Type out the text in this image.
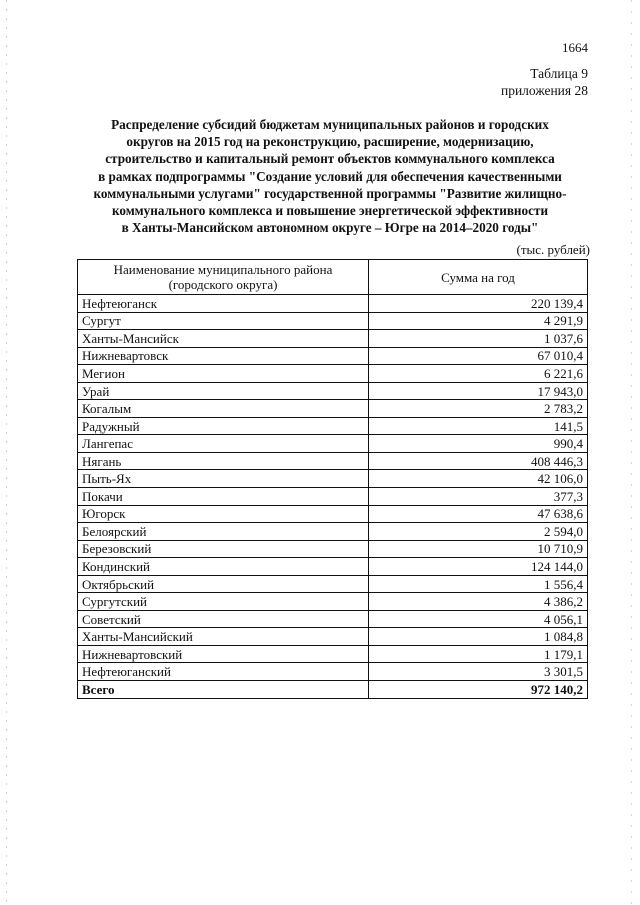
1664
Таблица 9
приложения 28
Распределение субсидий бюджетам муниципальных районов и городских
округов на 2015 год на реконструкцию, расширение, модернизацию,
строительство и капитальный ремонт объектов коммунального комплекса
в рамках подпрограммы "Создание условий для обеспечения качественными
коммунальными услугами" государственной программы "Развитие жилищно-
коммунального комплекса и повышение энергетической эффективности
в Ханты-Мансийском автономном округе – Югре на 2014–2020 годы"
(тыс. рублей)
Наименование муниципального района
(городского округа)	Сумма на год
Нефтеюганск	220 139,4
Сургут	4 291,9
Ханты-Мансийск	1 037,6
Нижневартовск	67 010,4
Мегион	6 221,6
Урай	17 943,0
Когалым	2 783,2
Радужный	141,5
Лангепас	990,4
Нягань	408 446,3
Пыть-Ях	42 106,0
Покачи	377,3
Югорск	47 638,6
Белоярский	2 594,0
Березовский	10 710,9
Кондинский	124 144,0
Октябрьский	1 556,4
Сургутский	4 386,2
Советский	4 056,1
Ханты-Мансийский	1 084,8
Нижневартовский	1 179,1
Нефтеюганский	3 301,5
Всего	972 140,2
